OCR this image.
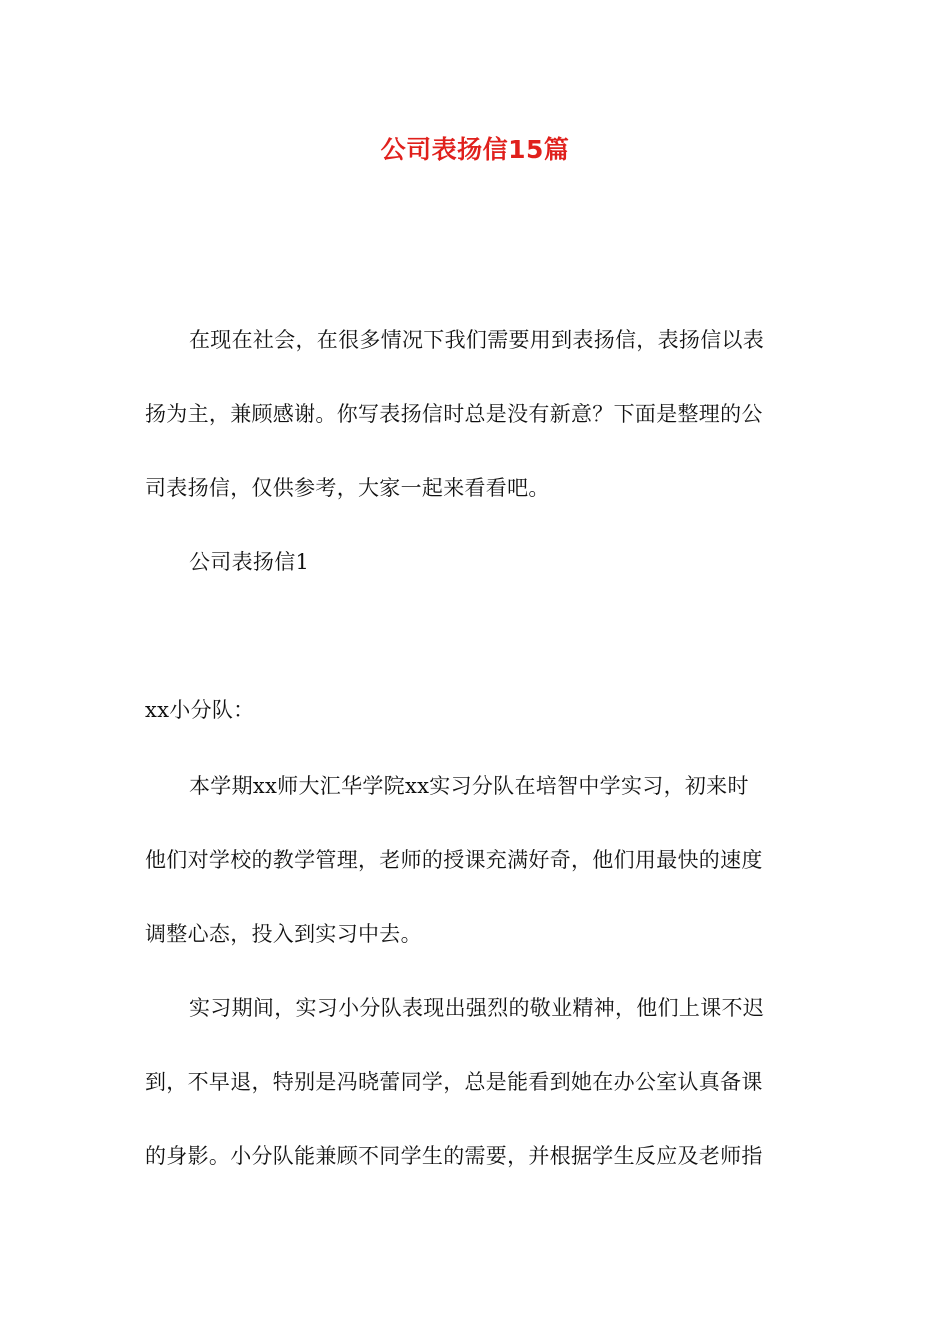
公司表扬信15篇

在现在社会，在很多情况下我们需要用到表扬信，表扬信以表
扬为主，兼顾感谢。你写表扬信时总是没有新意？下面是整理的公
司表扬信，仅供参考，大家一起来看看吧。

公司表扬信1

xx小分队：

本学期xx师大汇华学院xx实习分队在培智中学实习，初来时
他们对学校的教学管理，老师的授课充满好奇，他们用最快的速度
调整心态，投入到实习中去。

实习期间，实习小分队表现出强烈的敬业精神，他们上课不迟
到，不早退，特别是冯晓蕾同学，总是能看到她在办公室认真备课
的身影。小分队能兼顾不同学生的需要，并根据学生反应及老师指
